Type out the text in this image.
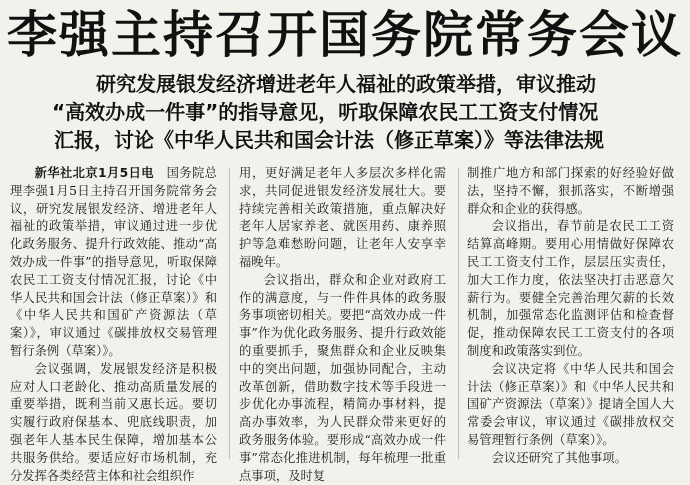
李强主持召开国务院常务会议
研究发展银发经济增进老年人福祉的政策举措，审议推动
“高效办成一件事”的指导意见，听取保障农民工工资支付情况
汇报，讨论《中华人民共和国会计法（修正草案）》等法律法规

新华社北京1月5日电　 国务院总理李强1月5日主持召开国务院常务会议，研究发展银发经济、增进老年人福祉的政策举措，审议通过进一步优化政务服务、提升行政效能、推动“高效办成一件事”的指导意见，听取保障农民工工资支付情况汇报，讨论《中华人民共和国会计法（修正草案）》和《中华人民共和国矿产资源法（草案）》，审议通过《碳排放权交易管理暂行条例（草案）》。

会议强调，发展银发经济是积极应对人口老龄化、推动高质量发展的重要举措，既利当前又惠长远。要切实履行政府保基本、兜底线职责，加强老年人基本民生保障，增加基本公共服务供给。要适应好市场机制，充分发挥各类经营主体和社会组织作

用，更好满足老年人多层次多样化需求，共同促进银发经济发展壮大。要持续完善相关政策措施，重点解决好老年人居家养老、就医用药、康养照护等急难愁盼问题，让老年人安享幸福晚年。

会议指出，群众和企业对政府工作的满意度，与一件件具体的政务服务事项密切相关。要把“高效办成一件事”作为优化政务服务、提升行政效能的重要抓手，聚焦群众和企业反映集中的突出问题，加强协同配合，主动改革创新，借助数字技术等手段进一步优化办事流程，精简办事材料，提高办事效率，为人民群众带来更好的政务服务体验。要形成“高效办成一件事”常态化推进机制，每年梳理一批重点事项，及时复

制推广地方和部门探索的好经验好做法，坚持不懈，狠抓落实，不断增强群众和企业的获得感。

会议指出，春节前是农民工工资结算高峰期。要用心用情做好保障农民工工资支付工作，层层压实责任，加大工作力度，依法坚决打击恶意欠薪行为。要健全完善治理欠薪的长效机制，加强常态化监测评估和检查督促，推动保障农民工工资支付的各项制度和政策落实到位。

会议决定将《中华人民共和国会计法（修正草案）》和《中华人民共和国矿产资源法（草案）》提请全国人大常委会审议，审议通过《碳排放权交易管理暂行条例（草案）》。

会议还研究了其他事项。
